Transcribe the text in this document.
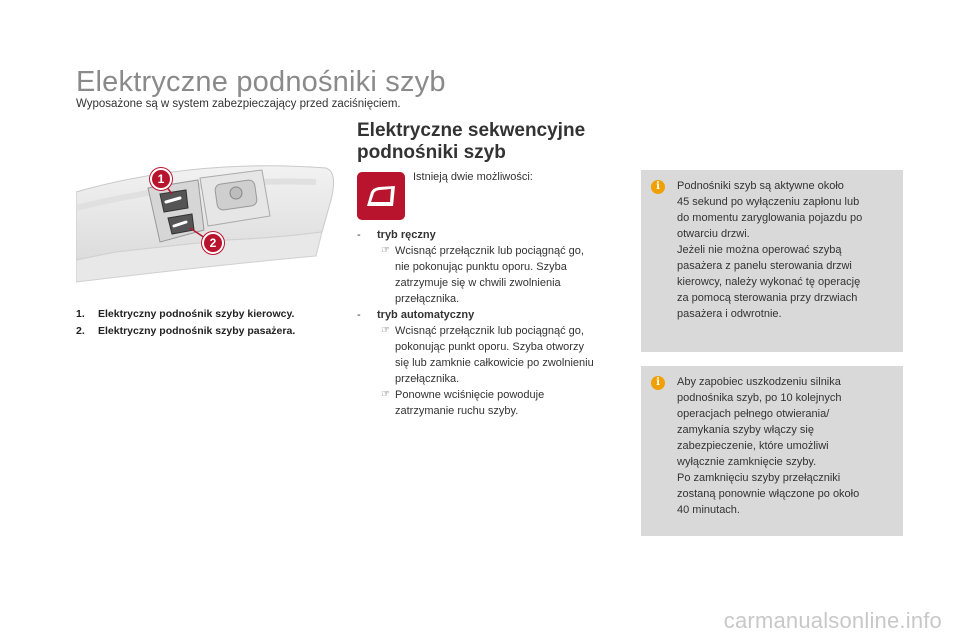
Elektryczne podnośniki szyb
Wyposażone są w system zabezpieczający przed zaciśnięciem.
Elektryczne sekwencyjne
podnośniki szyb
1
2
1. Elektryczny podnośnik szyby kierowcy.
2. Elektryczny podnośnik szyby pasażera.
Istnieją dwie możliwości:
- tryb ręczny
☞ Wcisnąć przełącznik lub pociągnąć go,
nie pokonując punktu oporu. Szyba
zatrzymuje się w chwili zwolnienia
przełącznika.
- tryb automatyczny
☞ Wcisnąć przełącznik lub pociągnąć go,
pokonując punkt oporu. Szyba otworzy
się lub zamknie całkowicie po zwolnieniu
przełącznika.
☞ Ponowne wciśnięcie powoduje
zatrzymanie ruchu szyby.
i	Podnośniki szyb są aktywne około
45 sekund po wyłączeniu zapłonu lub
do momentu zaryglowania pojazdu po
otwarciu drzwi.
Jeżeli nie można operować szybą
pasażera z panelu sterowania drzwi
kierowcy, należy wykonać tę operację
za pomocą sterowania przy drzwiach
pasażera i odwrotnie.
i	Aby zapobiec uszkodzeniu silnika
podnośnika szyb, po 10 kolejnych
operacjach pełnego otwierania/
zamykania szyby włączy się
zabezpieczenie, które umożliwi
wyłącznie zamknięcie szyby.
Po zamknięciu szyby przełączniki
zostaną ponownie włączone po około
40 minutach.
carmanualsonline.info
